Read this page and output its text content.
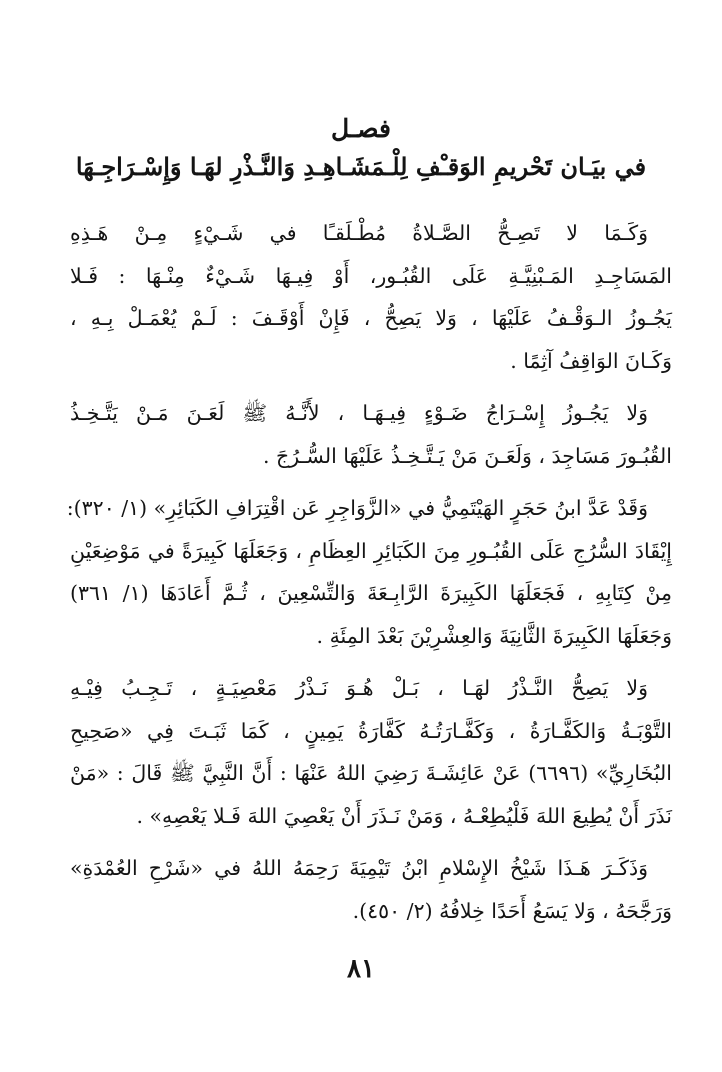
فصـل
في بيَـان تَحْريمِ الوَقـْفِ لِلْـمَشَـاهِـدِ وَالنَّـذْرِ لهَـا وَإِسْـرَاجِـهَا
وَكَـمَا لا تَصِـحُّ الصَّـلاةُ مُطْـلَقـًا في شَـيْءٍ مِـنْ هَـذِهِ
المَسَاجِـدِ المَـبْنِيَّـةِ عَلَى القُبُـور، أَوْ فِيـهَا شَـيْءٌ مِنْـهَا : فَـلا
يَجُـوزُ الـوَقْـفُ عَلَيْهَا ، وَلا يَصِحُّ ، فَإِنْ أَوْقَـفَ : لَـمْ يُعْمَـلْ بِـهِ ،
وَكَـانَ الوَاقِفُ آثِمًا .
وَلا يَجُـوزُ إِسْـرَاجُ ضَـوْءٍ فِيـهَـا ، لأَنَّـهُ ﷺ لَعَـنَ مَـنْ يَتَّـخِـذُ
القُبُـورَ مَسَاجِدَ ، وَلَعَـنَ مَنْ يَـتَّـخِـذُ عَلَيْهَا السُّـرُجَ .
وَقَدْ عَدَّ ابنُ حَجَرٍ الهَيْتَمِيُّ في «الزَّوَاجِرِ عَن اقْتِرَافِ الكَبَائِرِ» (١/ ٣٢٠):
إِيْقَادَ السُّرُجِ عَلَى القُبُـورِ مِنَ الكَبَائِرِ العِظَامِ ، وَجَعَلَهَا كَبِيرَةً في مَوْضِعَيْنِ
مِنْ كِتَابِهِ ، فَجَعَلَهَا الكَبِيرَةَ الرَّابِـعَةَ وَالتِّسْعِينَ ، ثُـمَّ أَعَادَهَا (١/ ٣٦١)
وَجَعَلَهَا الكَبِيرَةَ الثَّانِيَةَ وَالعِشْرِيْنَ بَعْدَ المِئَةِ .
وَلا يَصِحُّ النَّـذْرُ لهَـا ، بَـلْ هُـوَ نَـذْرُ مَعْصِيَـةٍ ، تَـجِـبُ فِيْـهِ
التَّوْبَـةُ وَالكَفَّـارَةُ ، وَكَفَّـارَتُـهُ كَفَّارَةُ يَمِينٍ ، كَمَا ثَبَـتَ فِي «صَحِيحِ
البُخَارِيِّ» (٦٦٩٦) عَنْ عَائِشَـةَ رَضِيَ اللهُ عَنْهَا : أَنَّ النَّبِيَّ ﷺ قَالَ : «مَنْ
نَذَرَ أَنْ يُطِيعَ اللهَ فَلْيُطِعْـهُ ، وَمَنْ نَـذَرَ أَنْ يَعْصِيَ اللهَ فَـلا يَعْصِهِ» .
وَذَكَـرَ هَـذَا شَيْخُ الإِسْلامِ ابْنُ تَيْمِيَةَ رَحِمَهُ اللهُ في «شَرْحِ العُمْدَةِ»
وَرَجَّحَهُ ، وَلا يَسَعُ أَحَدًا خِلافُهُ (٢/ ٤٥٠).
٨١
